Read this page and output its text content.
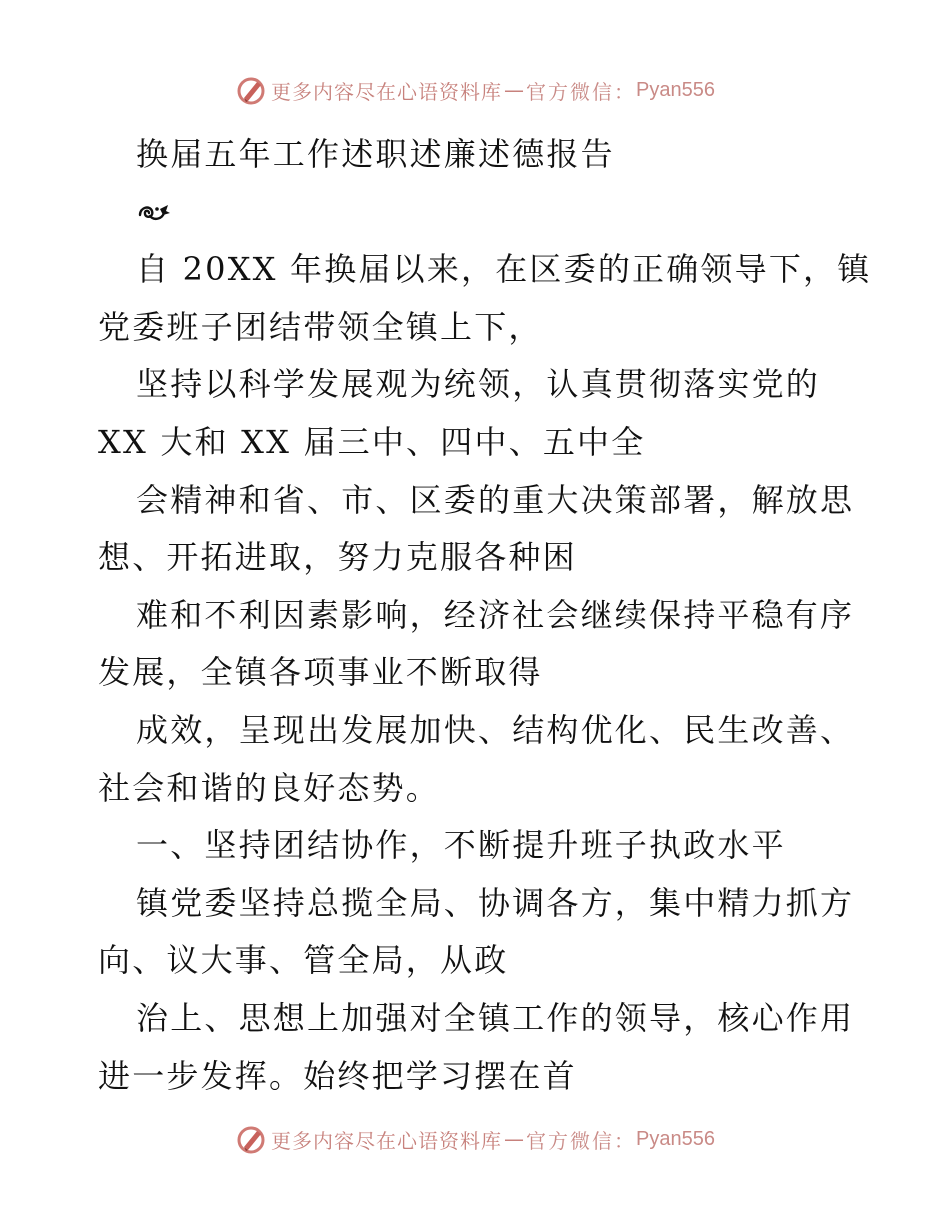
更多内容尽在心语资料库 — 官方微信： Pyan556
换届五年工作述职述廉述德报告
自 20XX 年换届以来，在区委的正确领导下，镇
党委班子团结带领全镇上下，
坚持以科学发展观为统领，认真贯彻落实党的
XX 大和 XX 届三中、四中、五中全
会精神和省、市、区委的重大决策部署，解放思
想、开拓进取，努力克服各种困
难和不利因素影响，经济社会继续保持平稳有序
发展，全镇各项事业不断取得
成效，呈现出发展加快、结构优化、民生改善、
社会和谐的良好态势。
一、坚持团结协作，不断提升班子执政水平
镇党委坚持总揽全局、协调各方，集中精力抓方
向、议大事、管全局，从政
治上、思想上加强对全镇工作的领导，核心作用
进一步发挥。始终把学习摆在首
更多内容尽在心语资料库 — 官方微信： Pyan556
